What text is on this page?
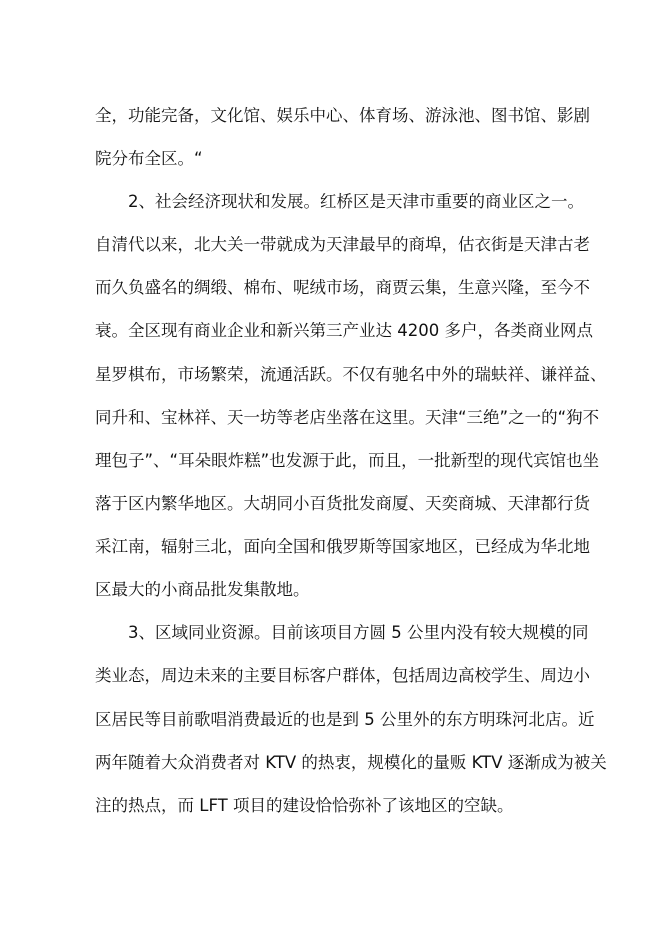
全，功能完备，文化馆、娱乐中心、体育场、游泳池、图书馆、影剧
院分布全区。“
2、社会经济现状和发展。红桥区是天津市重要的商业区之一。
自清代以来，北大关一带就成为天津最早的商埠，估衣街是天津古老
而久负盛名的绸缎、棉布、呢绒市场，商贾云集，生意兴隆，至今不
衰。全区现有商业企业和新兴第三产业达 4200 多户，各类商业网点
星罗棋布，市场繁荣，流通活跃。不仅有驰名中外的瑞蚨祥、谦祥益、
同升和、宝林祥、天一坊等老店坐落在这里。天津“三绝”之一的“狗不
理包子”、“耳朵眼炸糕”也发源于此，而且，一批新型的现代宾馆也坐
落于区内繁华地区。大胡同小百货批发商厦、天奕商城、天津都行货
采江南，辐射三北，面向全国和俄罗斯等国家地区，已经成为华北地
区最大的小商品批发集散地。
3、区域同业资源。目前该项目方圆 5 公里内没有较大规模的同
类业态，周边未来的主要目标客户群体，包括周边高校学生、周边小
区居民等目前歌唱消费最近的也是到 5 公里外的东方明珠河北店。近
两年随着大众消费者对 KTV 的热衷，规模化的量贩 KTV 逐渐成为被关
注的热点，而 LFT 项目的建设恰恰弥补了该地区的空缺。
